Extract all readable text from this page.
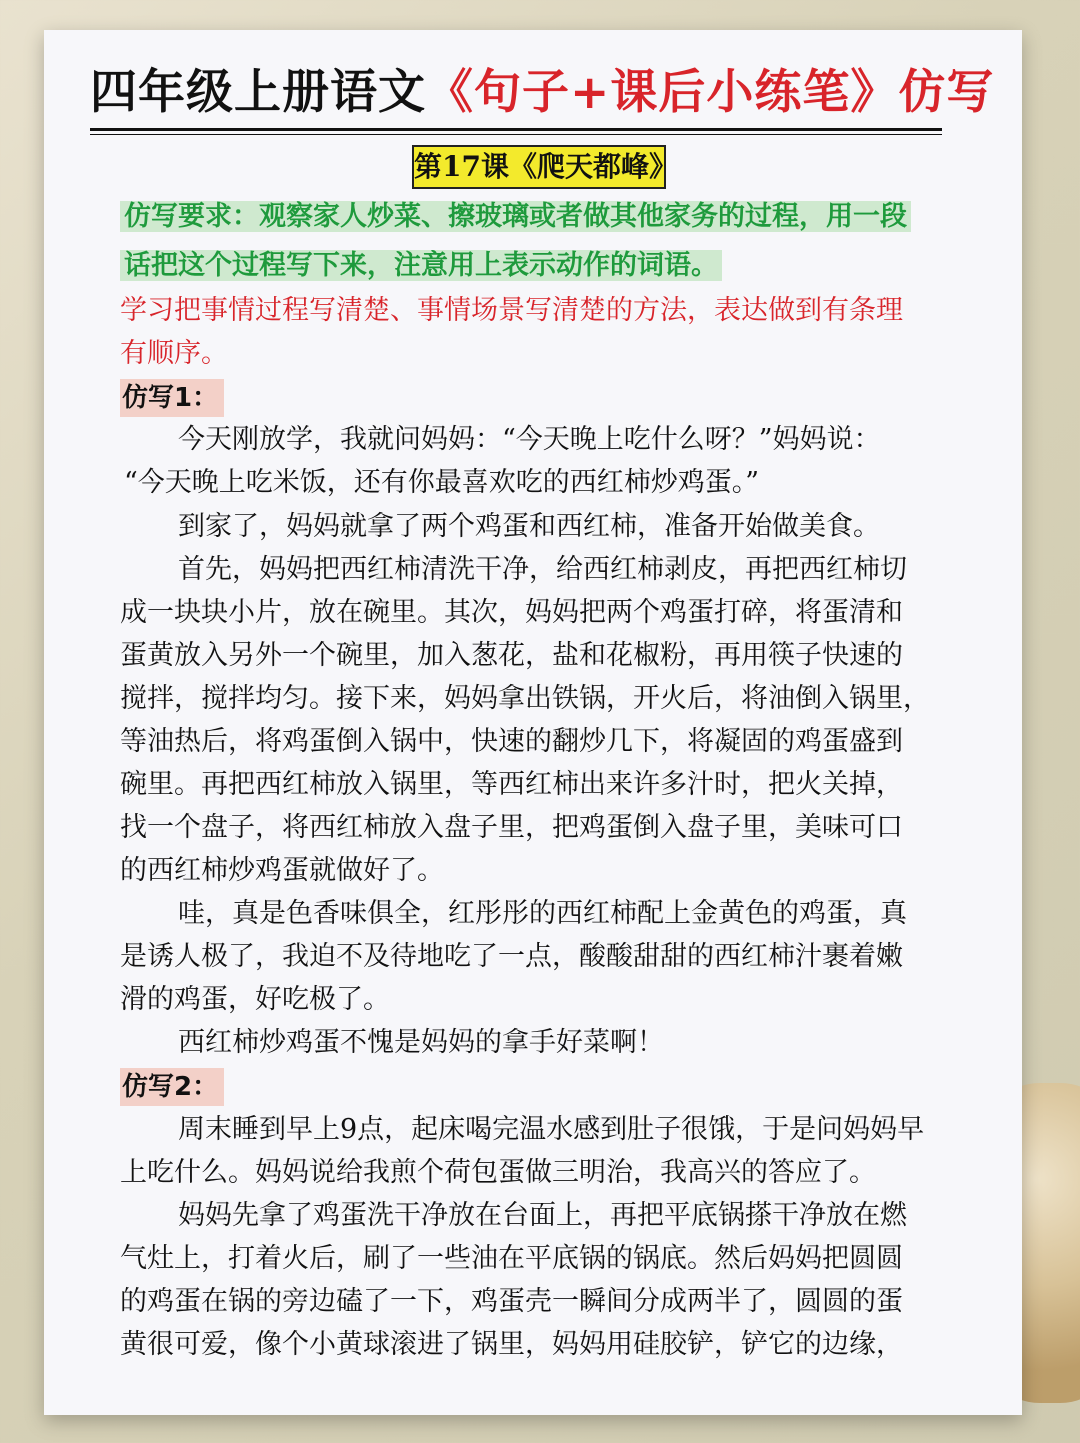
四年级上册语文《句子+课后小练笔》仿写
第17课《爬天都峰》
仿写要求：观察家人炒菜、擦玻璃或者做其他家务的过程，用一段
话把这个过程写下来，注意用上表示动作的词语。
学习把事情过程写清楚、事情场景写清楚的方法，表达做到有条理
有顺序。
仿写1：
今天刚放学，我就问妈妈：“今天晚上吃什么呀？”妈妈说：
“今天晚上吃米饭，还有你最喜欢吃的西红柿炒鸡蛋。”
到家了，妈妈就拿了两个鸡蛋和西红柿，准备开始做美食。
首先，妈妈把西红柿清洗干净，给西红柿剥皮，再把西红柿切
成一块块小片，放在碗里。其次，妈妈把两个鸡蛋打碎，将蛋清和
蛋黄放入另外一个碗里，加入葱花，盐和花椒粉，再用筷子快速的
搅拌，搅拌均匀。接下来，妈妈拿出铁锅，开火后，将油倒入锅里，
等油热后，将鸡蛋倒入锅中，快速的翻炒几下，将凝固的鸡蛋盛到
碗里。再把西红柿放入锅里，等西红柿出来许多汁时，把火关掉，
找一个盘子，将西红柿放入盘子里，把鸡蛋倒入盘子里，美味可口
的西红柿炒鸡蛋就做好了。
哇，真是色香味俱全，红彤彤的西红柿配上金黄色的鸡蛋，真
是诱人极了，我迫不及待地吃了一点，酸酸甜甜的西红柿汁裹着嫩
滑的鸡蛋，好吃极了。
西红柿炒鸡蛋不愧是妈妈的拿手好菜啊！
仿写2：
周末睡到早上9点，起床喝完温水感到肚子很饿，于是问妈妈早
上吃什么。妈妈说给我煎个荷包蛋做三明治，我高兴的答应了。
妈妈先拿了鸡蛋洗干净放在台面上，再把平底锅搽干净放在燃
气灶上，打着火后，刷了一些油在平底锅的锅底。然后妈妈把圆圆
的鸡蛋在锅的旁边磕了一下，鸡蛋壳一瞬间分成两半了，圆圆的蛋
黄很可爱，像个小黄球滚进了锅里，妈妈用硅胶铲，铲它的边缘，
